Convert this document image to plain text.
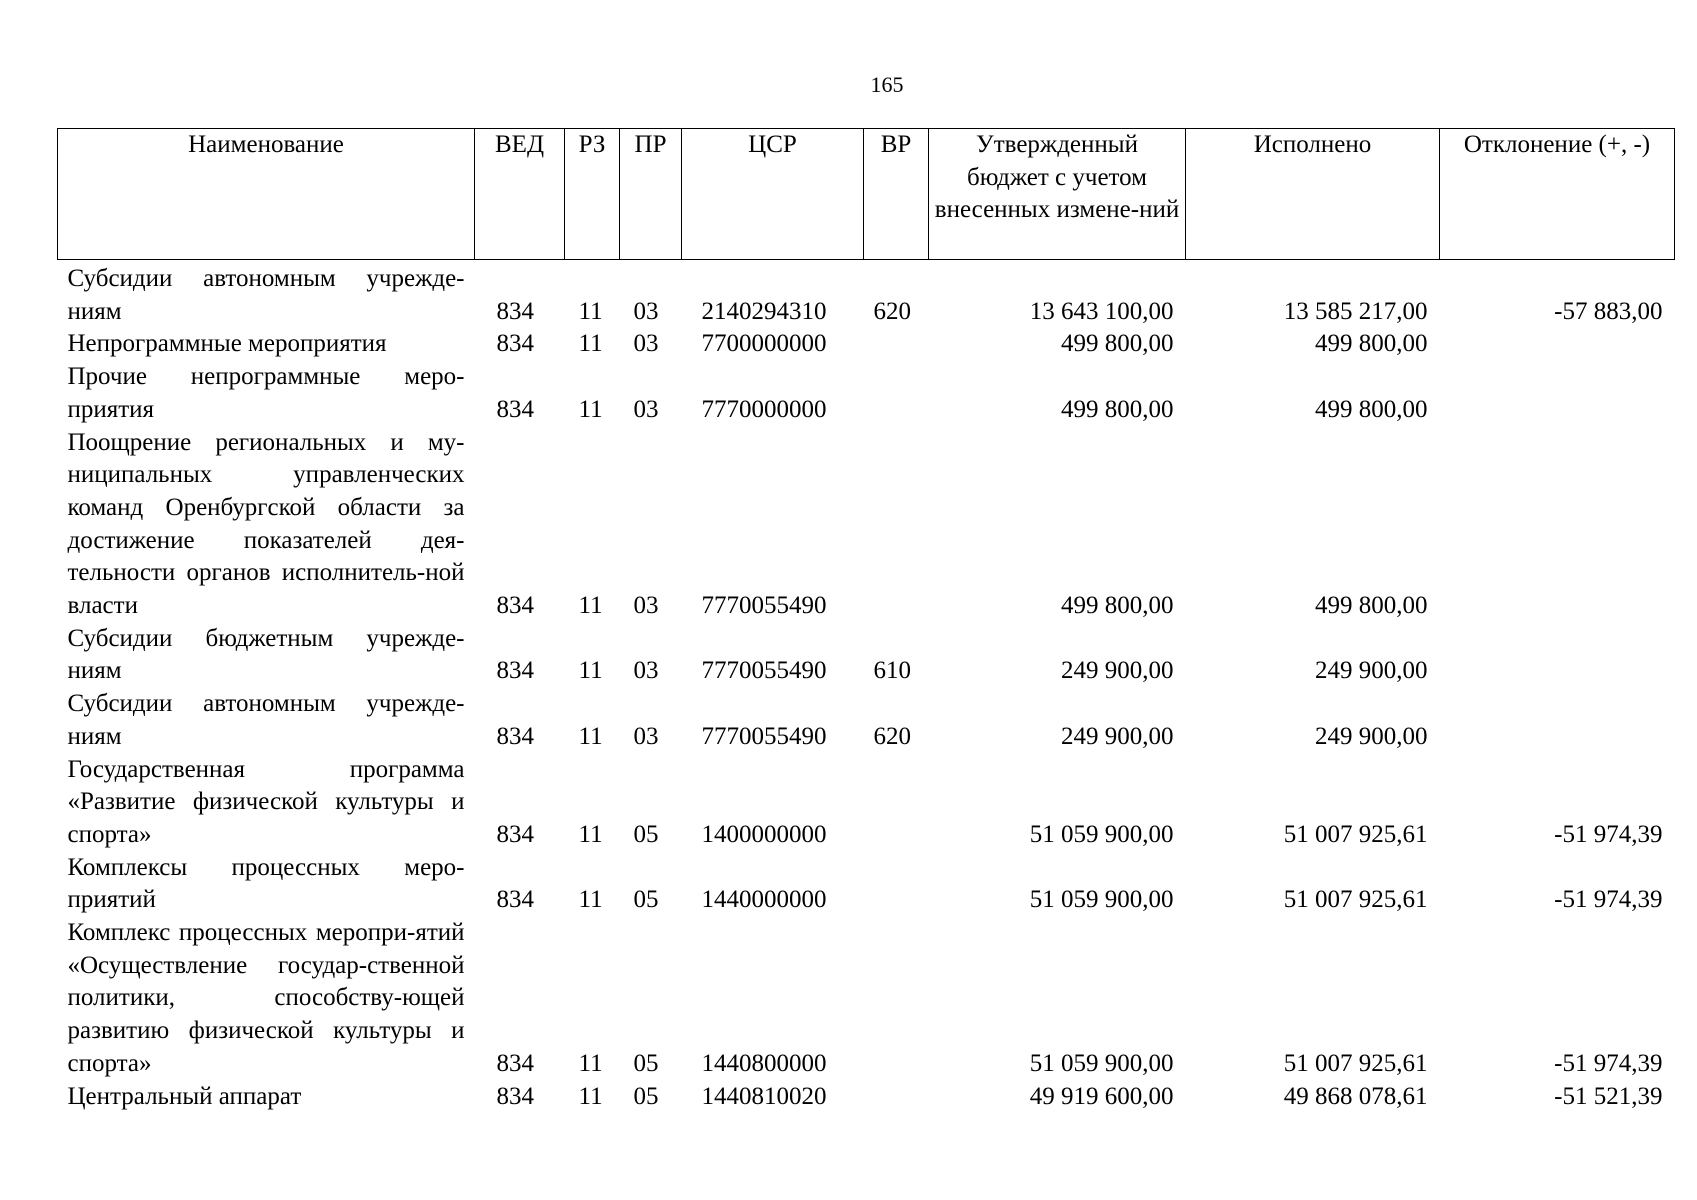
165
Наименование	ВЕД	РЗ	ПР	ЦСР	ВР	Утвержденный бюджет с учетом внесенных измене-ний	Исполнено	Отклонение (+, -)
Субсидии автономным учрежде-ниям	834	11	03	2140294310	620	13 643 100,00	13 585 217,00	-57 883,00
Непрограммные мероприятия	834	11	03	7700000000		499 800,00	499 800,00	
Прочие непрограммные меро-приятия	834	11	03	7770000000		499 800,00	499 800,00	
Поощрение региональных и му-ниципальных управленческих команд Оренбургской области за достижение показателей дея-тельности органов исполнитель-ной власти	834	11	03	7770055490		499 800,00	499 800,00	
Субсидии бюджетным учрежде-ниям	834	11	03	7770055490	610	249 900,00	249 900,00	
Субсидии автономным учрежде-ниям	834	11	03	7770055490	620	249 900,00	249 900,00	
Государственная программа «Развитие физической культуры и спорта»	834	11	05	1400000000		51 059 900,00	51 007 925,61	-51 974,39
Комплексы процессных меро-приятий	834	11	05	1440000000		51 059 900,00	51 007 925,61	-51 974,39
Комплекс процессных меропри-ятий «Осуществление государ-ственной политики, способству-ющей развитию физической культуры и спорта»	834	11	05	1440800000		51 059 900,00	51 007 925,61	-51 974,39
Центральный аппарат	834	11	05	1440810020		49 919 600,00	49 868 078,61	-51 521,39
